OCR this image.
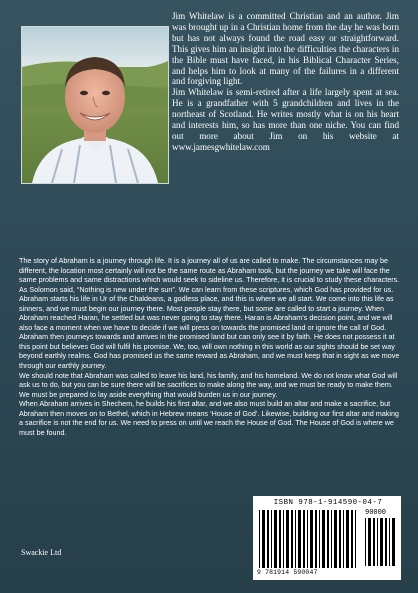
Jim Whitelaw is a committed Christian and an author. Jim was brought up in a Christian home from the day he was born but has not always found the road easy or straightforward. This gives him an insight into the difficulties the characters in the Bible must have faced, in his Biblical Character Series, and helps him to look at many of the failures in a different and forgiving light.

Jim Whitelaw is semi-retired after a life largely spent at sea. He is a grandfather with 5 grandchildren and lives in the northeast of Scotland. He writes mostly what is on his heart and interests him, so has more than one niche. You can find out more about Jim on his website at www.jamesgwhitelaw.com

The story of Abraham is a journey through life. It is a journey all of us are called to make. The circumstances may be different, the location most certainly will not be the same route as Abraham took, but the journey we take will face the same problems and same distractions which would seek to sideline us. Therefore, it is crucial to study these characters. As Solomon said, “Nothing is new under the sun”. We can learn from these scriptures, which God has provided for us.

Abraham starts his life in Ur of the Chaldeans, a godless place, and this is where we all start. We come into this life as sinners, and we must begin our journey there. Most people stay there, but some are called to start a journey. When Abraham reached Haran, he settled but was never going to stay there. Haran is Abraham’s decision point, and we will also face a moment when we have to decide if we will press on towards the promised land or ignore the call of God.

Abraham then journeys towards and arrives in the promised land but can only see it by faith. He does not possess it at this point but believes God will fulfil his promise. We, too, will own nothing in this world as our sights should be set way beyond earthly realms. God has promised us the same reward as Abraham, and we must keep that in sight as we move through our earthly journey.

We should note that Abraham was called to leave his land, his family, and his homeland. We do not know what God will ask us to do, but you can be sure there will be sacrifices to make along the way, and we must be ready to make them. We must be prepared to lay aside everything that would burden us in our journey.

When Abraham arrives in Shechem, he builds his first altar, and we also must build an altar and make a sacrifice, but Abraham then moves on to Bethel, which in Hebrew means ‘House of God’. Likewise, building our first altar and making a sacrifice is not the end for us. We need to press on until we reach the House of God. The House of God is where we must be found.

Swackie Ltd
ISBN 978-1-914590-04-7
90000
9 781914 590047
